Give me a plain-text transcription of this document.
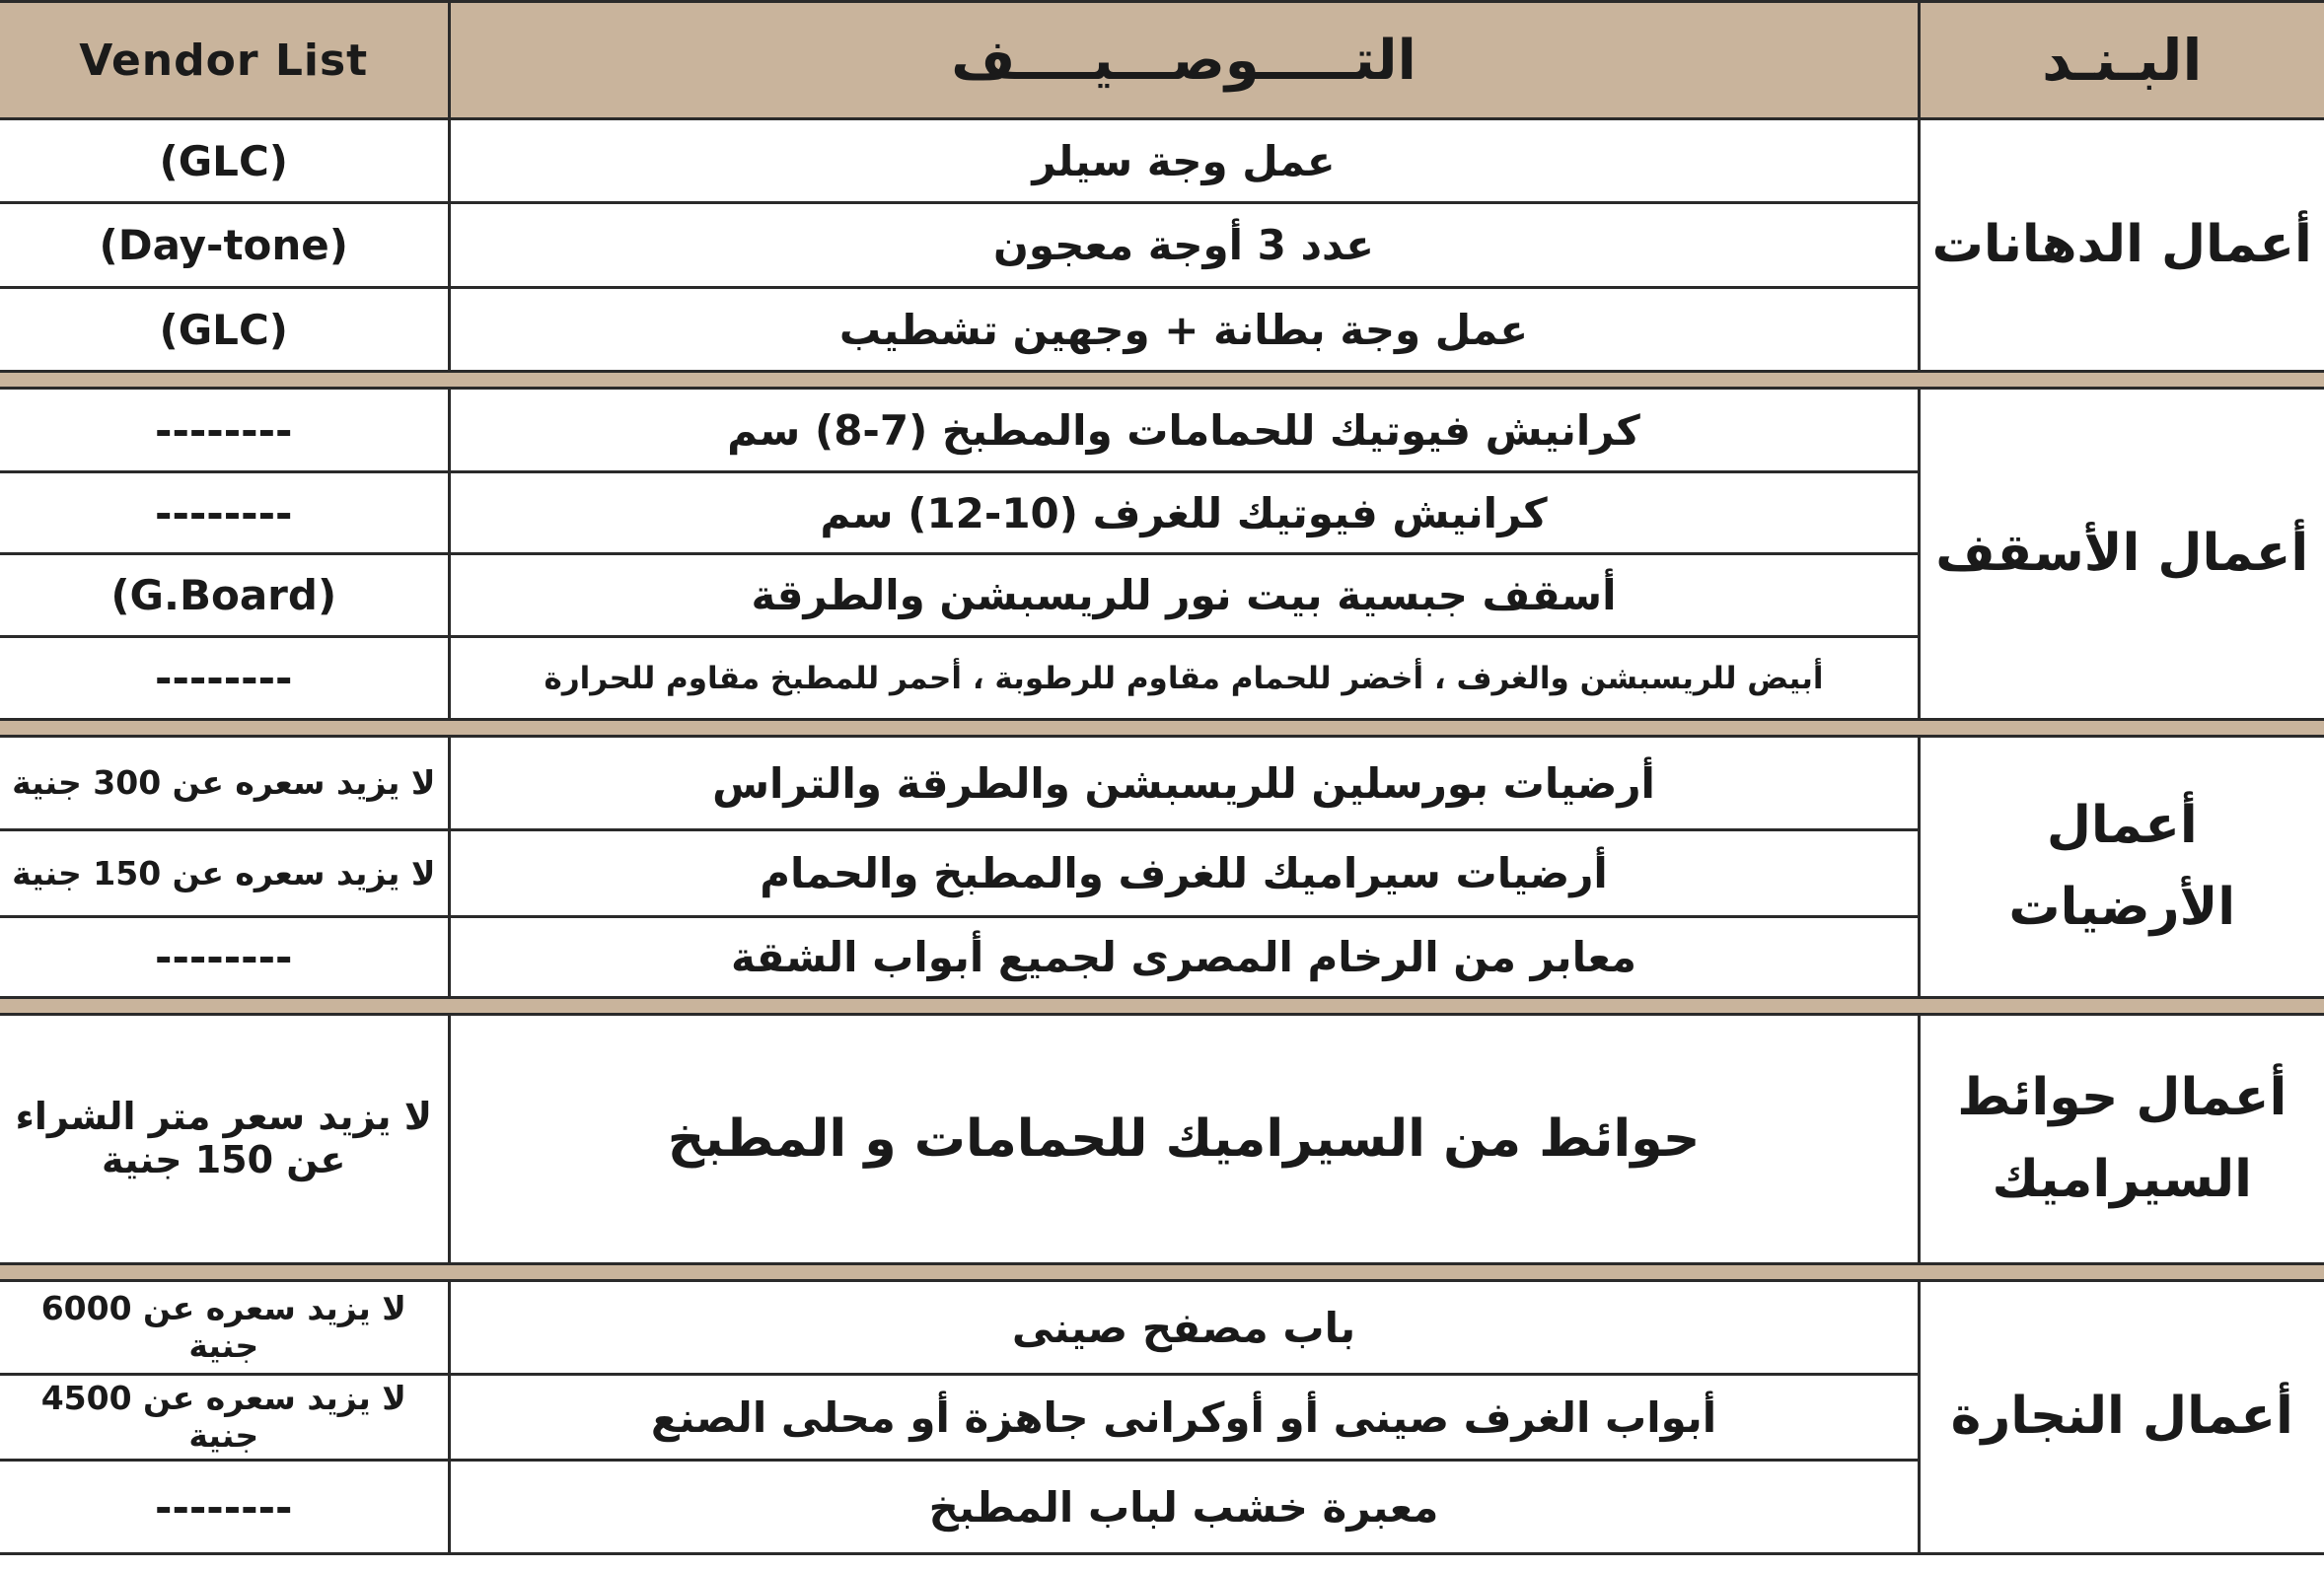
Vendor List	التـــــوصـــيــــف	البـنـد
(GLC)	عمل وجة سيلر	أعمال الدهانات
(Day-tone)	عدد 3 أوجة معجون	
(GLC)	عمل وجة بطانة + وجهين تشطيب	

--------	كرانيش فيوتيك للحمامات والمطبخ (7-8) سم	أعمال الأسقف
--------	كرانيش فيوتيك للغرف (10-12) سم	
(G.Board)	أسقف جبسية بيت نور للريسبشن والطرقة	
--------	أبيض للريسبشن والغرف ، أخضر للحمام مقاوم للرطوبة ، أحمر للمطبخ مقاوم للحرارة	

لا يزيد سعره عن 300 جنية	أرضيات بورسلين للريسبشن والطرقة والتراس	أعمال الأرضيات
لا يزيد سعره عن 150 جنية	أرضيات سيراميك للغرف والمطبخ والحمام	
--------	معابر من الرخام المصرى لجميع أبواب الشقة	

لا يزيد سعر متر الشراء عن 150 جنية	حوائط من السيراميك للحمامات و المطبخ	أعمال حوائط السيراميك

لا يزيد سعره عن 6000 جنية	باب مصفح صينى	أعمال النجارة
لا يزيد سعره عن 4500 جنية	أبواب الغرف صينى أو أوكرانى جاهزة أو محلى الصنع	
--------	معبرة خشب لباب المطبخ	
